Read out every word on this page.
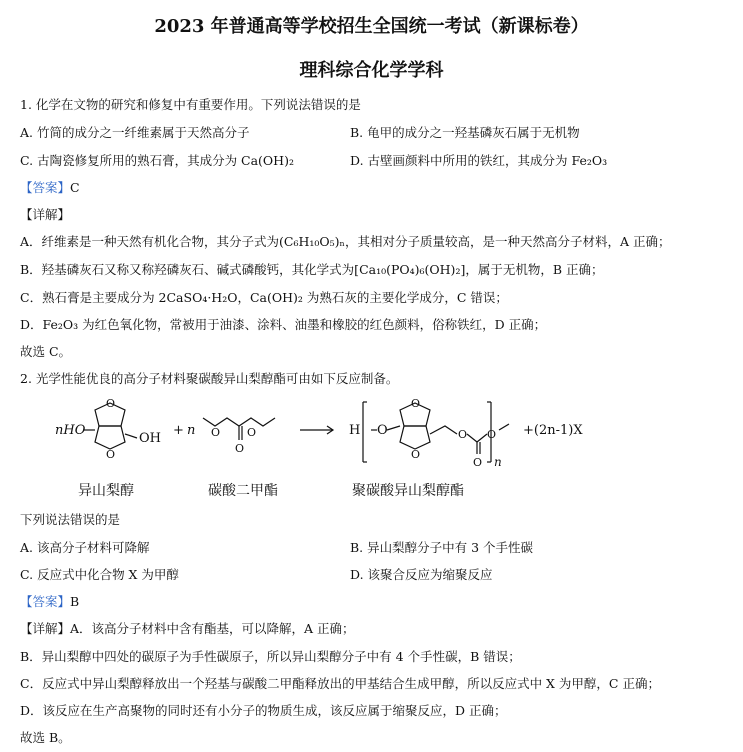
2023 年普通高等学校招生全国统一考试（新课标卷）
理科综合化学学科
1. 化学在文物的研究和修复中有重要作用。下列说法错误的是
A. 竹简的成分之一纤维素属于天然高分子	B. 龟甲的成分之一羟基磷灰石属于无机物
C. 古陶瓷修复所用的熟石膏，其成分为 Ca(OH)₂	D. 古壁画颜料中所用的铁红，其成分为 Fe₂O₃
【答案】C
【详解】
A．纤维素是一种天然有机化合物，其分子式为(C₆H₁₀O₅)ₙ，其相对分子质量较高，是一种天然高分子材料，A 正确；
B．羟基磷灰石又称又称羟磷灰石、碱式磷酸钙，其化学式为[Ca₁₀(PO₄)₆(OH)₂]，属于无机物，B 正确；
C．熟石膏是主要成分为 2CaSO₄·H₂O，Ca(OH)₂ 为熟石灰的主要化学成分，C 错误；
D．Fe₂O₃ 为红色氧化物，常被用于油漆、涂料、油墨和橡胶的红色颜料，俗称铁红，D 正确；
故选 C。
2. 光学性能优良的高分子材料聚碳酸异山梨醇酯可由如下反应制备。
nHO
O
O
OH
+ n O O
O
H O
O
O
O
O
O
n
+(2n-1)X
异山梨醇	碳酸二甲酯	聚碳酸异山梨醇酯
下列说法错误的是
A. 该高分子材料可降解	B. 异山梨醇分子中有 3 个手性碳
C. 反应式中化合物 X 为甲醇	D. 该聚合反应为缩聚反应
【答案】B
【详解】A．该高分子材料中含有酯基，可以降解，A 正确；
B．异山梨醇中四处的碳原子为手性碳原子，所以异山梨醇分子中有 4 个手性碳，B 错误；
C．反应式中异山梨醇释放出一个羟基与碳酸二甲酯释放出的甲基结合生成甲醇，所以反应式中 X 为甲醇，C 正确；
D．该反应在生产高聚物的同时还有小分子的物质生成，该反应属于缩聚反应，D 正确；
故选 B。
